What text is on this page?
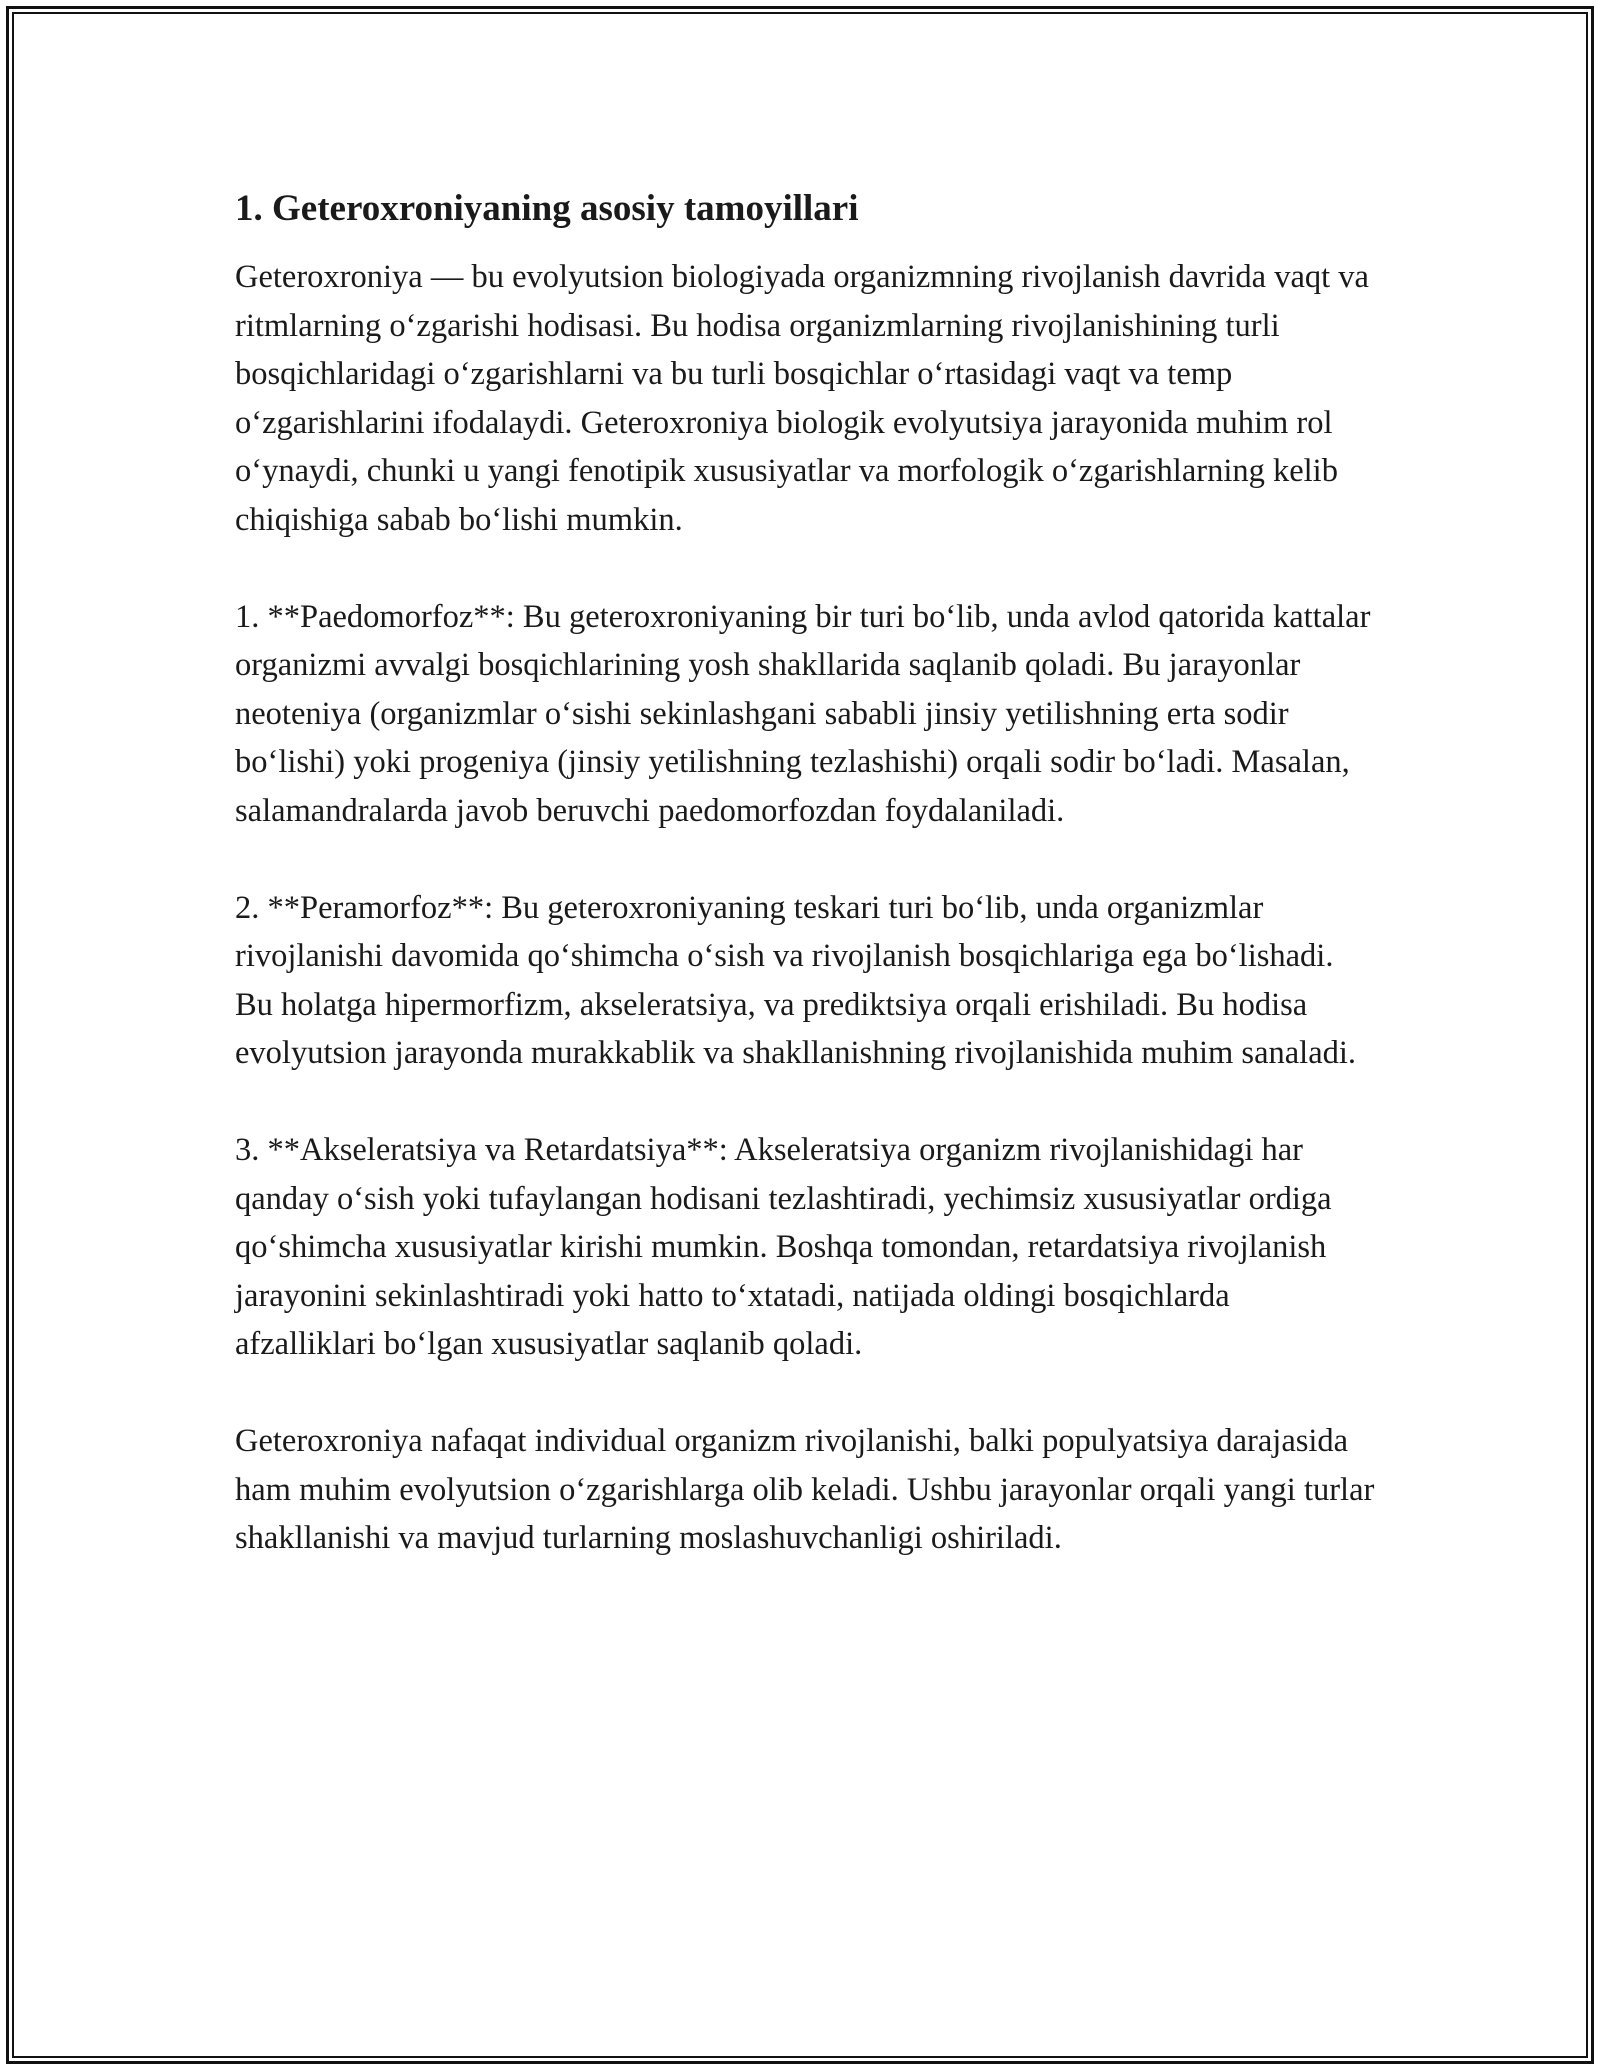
1. Geteroxroniyaning asosiy tamoyillari

Geteroxroniya — bu evolyutsion biologiyada organizmning rivojlanish davrida vaqt va ritmlarning oʻzgarishi hodisasi. Bu hodisa organizmlarning rivojlanishining turli bosqichlaridagi oʻzgarishlarni va bu turli bosqichlar oʻrtasidagi vaqt va temp oʻzgarishlarini ifodalaydi. Geteroxroniya biologik evolyutsiya jarayonida muhim rol oʻynaydi, chunki u yangi fenotipik xususiyatlar va morfologik oʻzgarishlarning kelib chiqishiga sabab boʻlishi mumkin.

1. **Paedomorfoz**: Bu geteroxroniyaning bir turi boʻlib, unda avlod qatorida kattalar organizmi avvalgi bosqichlarining yosh shakllarida saqlanib qoladi. Bu jarayonlar neoteniya (organizmlar oʻsishi sekinlashgani sababli jinsiy yetilishning erta sodir boʻlishi) yoki progeniya (jinsiy yetilishning tezlashishi) orqali sodir boʻladi. Masalan, salamandralarda javob beruvchi paedomorfozdan foydalaniladi.

2. **Peramorfoz**: Bu geteroxroniyaning teskari turi boʻlib, unda organizmlar rivojlanishi davomida qoʻshimcha oʻsish va rivojlanish bosqichlariga ega boʻlishadi. Bu holatga hipermorfizm, akseleratsiya, va prediktsiya orqali erishiladi. Bu hodisa evolyutsion jarayonda murakkablik va shakllanishning rivojlanishida muhim sanaladi.

3. **Akseleratsiya va Retardatsiya**: Akseleratsiya organizm rivojlanishidagi har qanday oʻsish yoki tufaylangan hodisani tezlashtiradi, yechimsiz xususiyatlar ordiga qoʻshimcha xususiyatlar kirishi mumkin. Boshqa tomondan, retardatsiya rivojlanish jarayonini sekinlashtiradi yoki hatto toʻxtatadi, natijada oldingi bosqichlarda afzalliklari boʻlgan xususiyatlar saqlanib qoladi.

Geteroxroniya nafaqat individual organizm rivojlanishi, balki populyatsiya darajasida ham muhim evolyutsion oʻzgarishlarga olib keladi. Ushbu jarayonlar orqali yangi turlar shakllanishi va mavjud turlarning moslashuvchanligi oshiriladi.
